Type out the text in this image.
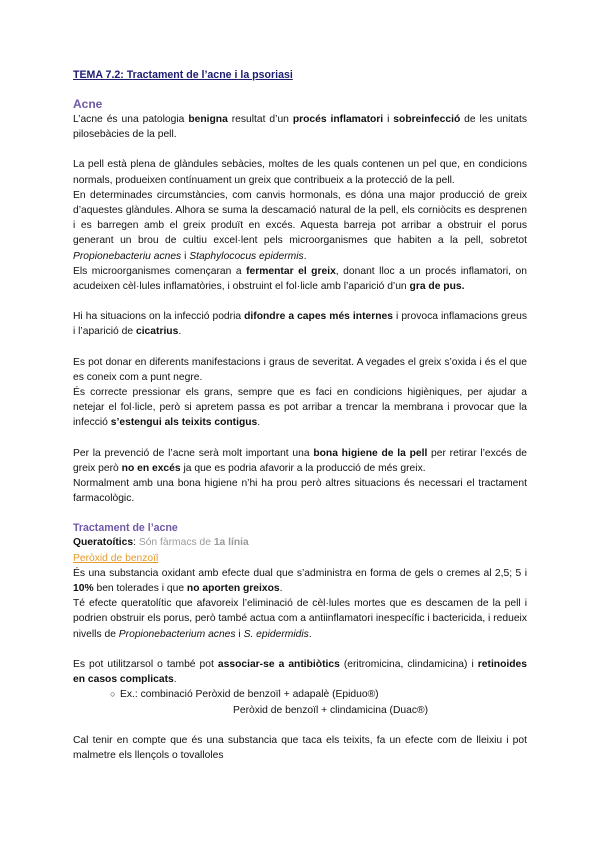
TEMA 7.2: Tractament de l’acne i la psoriasi
Acne

L’acne és una patologia benigna resultat d’un procés inflamatori i sobreinfecció de les unitats pilosebàcies de la pell.

La pell està plena de glàndules sebàcies, moltes de les quals contenen un pel que, en condicions normals, produeixen contínuament un greix que contribueix a la protecció de la pell.

En determinades circumstàncies, com canvis hormonals, es dóna una major producció de greix d’aquestes glàndules. Alhora se suma la descamació natural de la pell, els corniòcits es desprenen i es barregen amb el greix produït en excés. Aquesta barreja pot arribar a obstruir el porus generant un brou de cultiu excel·lent pels microorganismes que habiten a la pell, sobretot Propionebacteriu acnes i Staphylococus epidermis.

Els microorganismes començaran a fermentar el greix, donant lloc a un procés inflamatori, on acudeixen cèl·lules inflamatòries, i obstruint el fol·licle amb l’aparició d’un gra de pus.

Hi ha situacions on la infecció podria difondre a capes més internes i provoca inflamacions greus i l’aparició de cicatrius.

Es pot donar en diferents manifestacions i graus de severitat. A vegades el greix s’oxida i és el que es coneix com a punt negre.

És correcte pressionar els grans, sempre que es faci en condicions higièniques, per ajudar a netejar el fol·licle, però si apretem passa es pot arribar a trencar la membrana i provocar que la infecció s’estengui als teixits contigus.

Per la prevenció de l’acne serà molt important una bona higiene de la pell per retirar l’excés de greix però no en excés ja que es podria afavorir a la producció de més greix.

Normalment amb una bona higiene n’hi ha prou però altres situacions és necessari el tractament farmacològic.

Tractament de l’acne

Queratoítics: Són fàrmacs de 1a línia

Peròxid de benzoïl

És una substancia oxidant amb efecte dual que s’administra en forma de gels o cremes al 2,5; 5 i 10% ben tolerades i que no aporten greixos.

Té efecte queratolític que afavoreix l’eliminació de cèl·lules mortes que es descamen de la pell i podrien obstruir els porus, però també actua com a antiinflamatori inespecífic i bactericida, i redueix nivells de Propionebacterium acnes i S. epidermidis.

Es pot utilitzarsol o també pot associar-se a antibiòtics (eritromicina, clindamicina) i retinoides en casos complicats.

○ Ex.: combinació Peròxid de benzoïl + adapalè (Epiduo®)
Peròxid de benzoïl + clindamicina (Duac®)

Cal tenir en compte que és una substancia que taca els teixits, fa un efecte com de lleixiu i pot malmetre els llençols o tovalloles
